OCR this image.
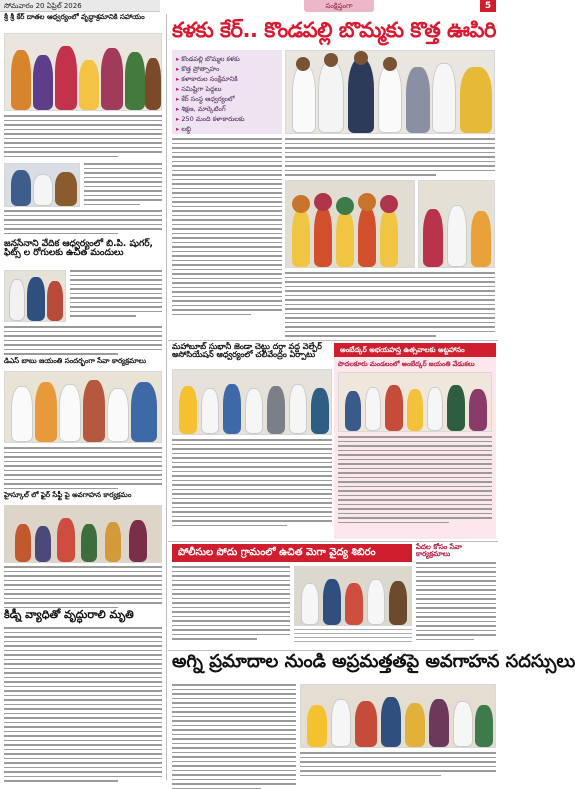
సోమవారం 20 ఏప్రిల్ 2026	సంక్షిప్తంగా	5
శ్రీ శ్రీ కేర్ దాతల ఆధ్వర్యంలో వృద్ధాశ్రమానికి సహాయం
జనసేనాని వేదిక ఆధ్వర్యంలో బి.పి. షుగర్, ఫిట్స్ ల రోగులకు ఉచిత మందులు
డిఎస్ బాబు జయంతి సందర్భంగా సేవా కార్యక్రమాలు
హైస్కూల్ లో ఫైర్ సేఫ్టీ పై అవగాహన కార్యక్రమం
కిడ్నీ వ్యాధితో వృద్ధురాలి మృతి
కళకు కేర్‌.. కొండపల్లి బొమ్మకు కొత్త ఊపిరి
▸ కొండపల్లి బొమ్మల కళకు
▸ కొత్త ప్రోత్సాహం
▸ కళాకారుల సంక్షేమానికి
▸ సమిష్టిగా పెద్దలు
▸ కేర్ సంస్థ ఆధ్వర్యంలో
▸ శిక్షణ, మార్కెటింగ్
▸ 250 మంది కళాకారులకు
▸ లబ్ధి
మహాబూబ్ సుభానీ జెండా చెట్టు దర్గా వద్ద వెల్ఫేర్ అసోసియేషన్ ఆధ్వర్యంలో చలివేంద్రం ఏర్పాటు
అంబేద్కర్ అభయహస్త ఉత్సవాలకు అట్టహాసం
పొదలకూరు మండలంలో అంబేద్కర్ జయంతి వేడుకలు
పోలీసుల పోదు గ్రామంలో ఉచిత మెగా వైద్య శిబిరం	పేదల కోసం సేవా కార్యక్రమాలు
అగ్ని ప్రమాదాల నుండి అప్రమత్తతపై అవగాహన సదస్సులు
